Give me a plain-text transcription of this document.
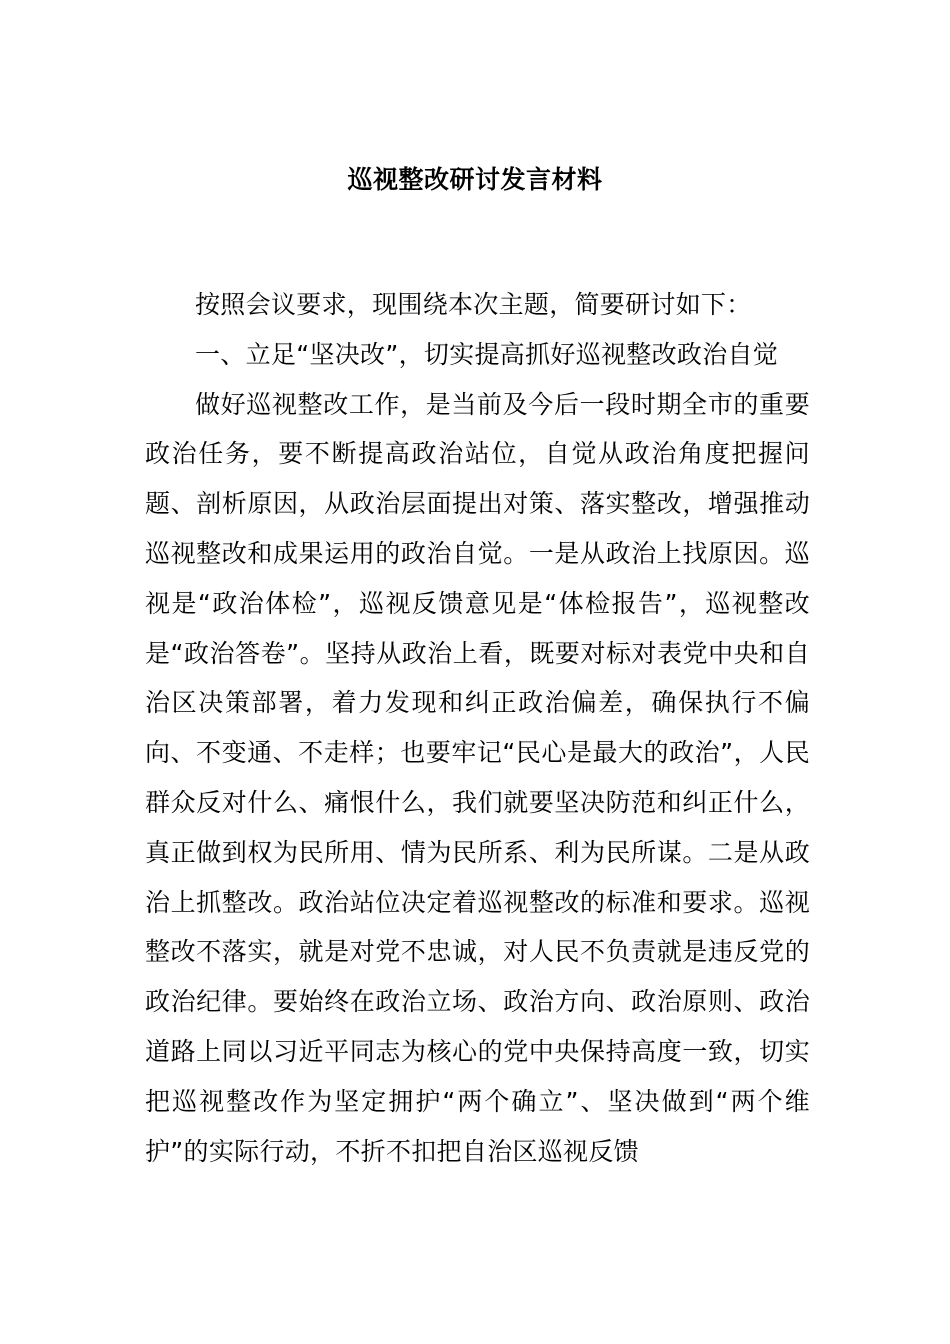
巡视整改研讨发言材料

按照会议要求，现围绕本次主题，简要研讨如下：

一、立足“坚决改”，切实提高抓好巡视整改政治自觉

做好巡视整改工作，是当前及今后一段时期全市的重要政治任务，要不断提高政治站位，自觉从政治角度把握问题、剖析原因，从政治层面提出对策、落实整改，增强推动巡视整改和成果运用的政治自觉。一是从政治上找原因。巡视是“政治体检”，巡视反馈意见是“体检报告”，巡视整改是“政治答卷”。坚持从政治上看，既要对标对表党中央和自治区决策部署，着力发现和纠正政治偏差，确保执行不偏向、不变通、不走样；也要牢记“民心是最大的政治”，人民群众反对什么、痛恨什么，我们就要坚决防范和纠正什么，真正做到权为民所用、情为民所系、利为民所谋。二是从政治上抓整改。政治站位决定着巡视整改的标准和要求。巡视整改不落实，就是对党不忠诚，对人民不负责就是违反党的政治纪律。要始终在政治立场、政治方向、政治原则、政治道路上同以习近平同志为核心的党中央保持高度一致，切实把巡视整改作为坚定拥护“两个确立”、坚决做到“两个维护”的实际行动，不折不扣把自治区巡视反馈
